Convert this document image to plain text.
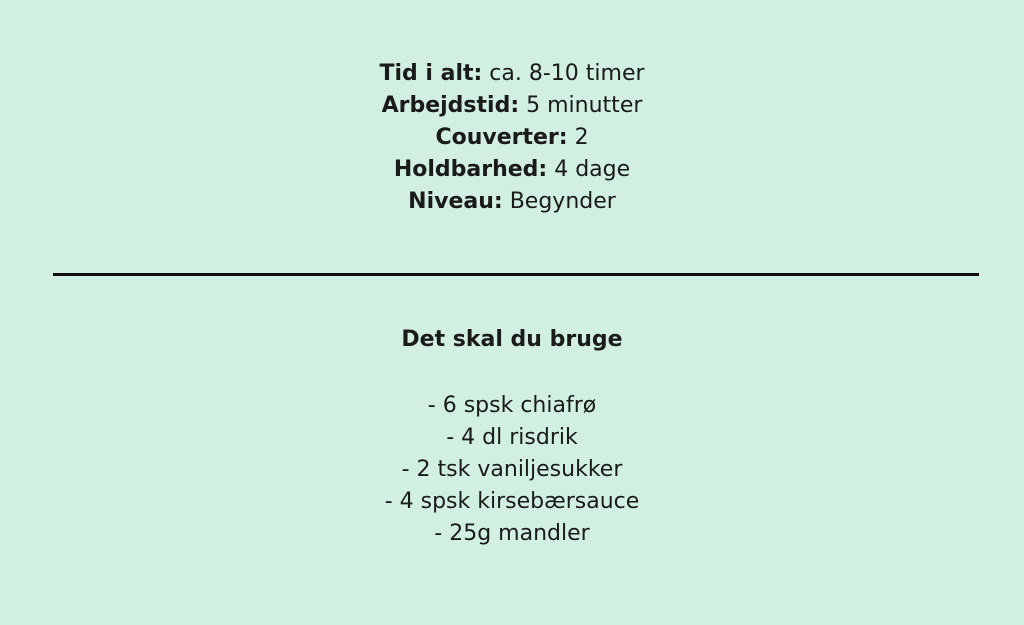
Tid i alt: ca. 8-10 timer
Arbejdstid: 5 minutter
Couverter: 2
Holdbarhed: 4 dage
Niveau: Begynder
Det skal du bruge
- 6 spsk chiafrø
- 4 dl risdrik
- 2 tsk vaniljesukker
- 4 spsk kirsebærsauce
- 25g mandler
